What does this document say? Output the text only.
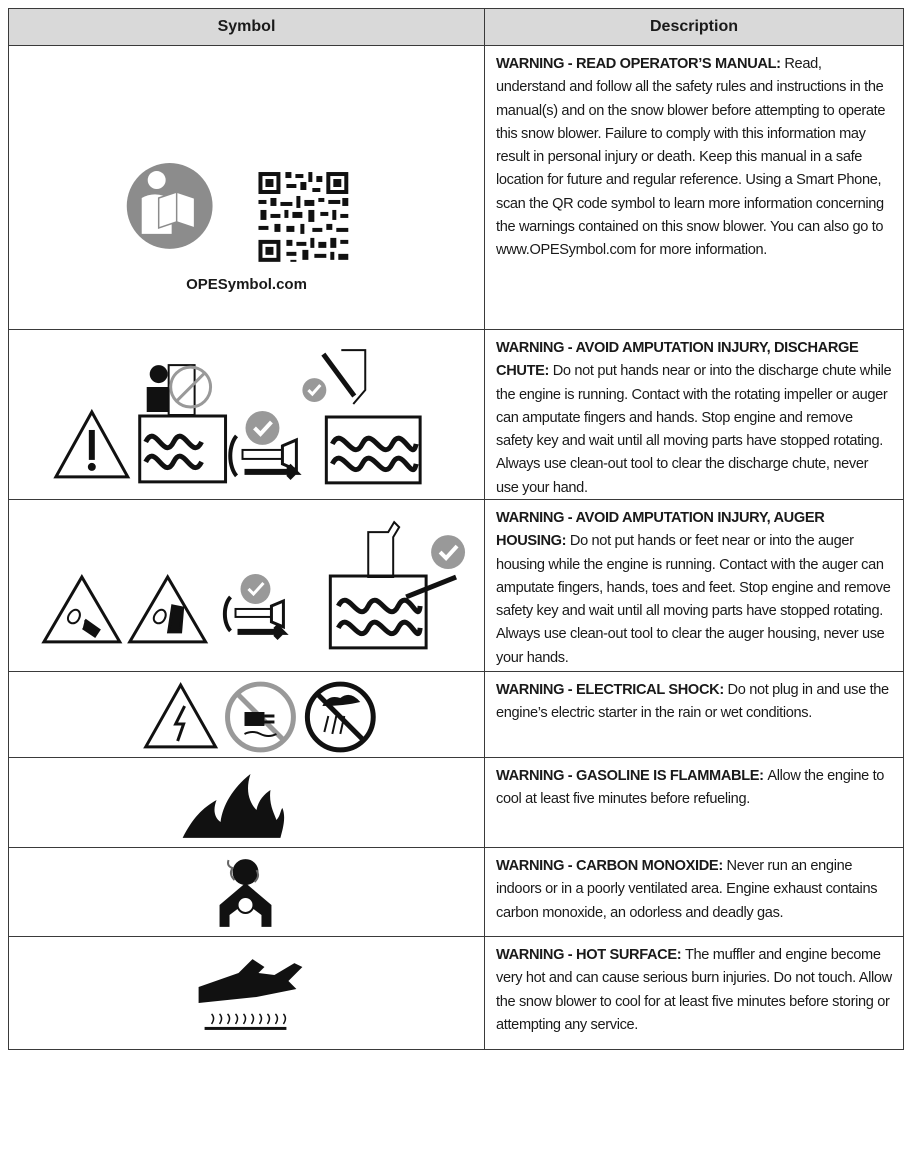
Symbol	Description
OPESymbol.com
WARNING - READ OPERATOR’S MANUAL: Read, understand and follow all the safety rules and instructions in the manual(s) and on the snow blower before attempting to operate this snow blower. Failure to comply with this information may result in personal injury or death. Keep this manual in a safe location for future and regular reference. Using a Smart Phone, scan the QR code symbol to learn more information concerning the warnings contained on this snow blower. You can also go to www.OPESymbol.com for more information.
WARNING - AVOID AMPUTATION INJURY, DISCHARGE CHUTE: Do not put hands near or into the discharge chute while the engine is running. Contact with the rotating impeller or auger can amputate fingers and hands. Stop engine and remove safety key and wait until all moving parts have stopped rotating. Always use clean-out tool to clear the discharge chute, never use your hand.
WARNING - AVOID AMPUTATION INJURY, AUGER HOUSING: Do not put hands or feet near or into the auger housing while the engine is running. Contact with the auger can amputate fingers, hands, toes and feet. Stop engine and remove safety key and wait until all moving parts have stopped rotating. Always use clean-out tool to clear the auger housing, never use your hands.
WARNING - ELECTRICAL SHOCK: Do not plug in and use the engine’s electric starter in the rain or wet conditions.
WARNING - GASOLINE IS FLAMMABLE: Allow the engine to cool at least five minutes before refueling.
WARNING - CARBON MONOXIDE: Never run an engine indoors or in a poorly ventilated area. Engine exhaust contains carbon monoxide, an odorless and deadly gas.
WARNING - HOT SURFACE: The muffler and engine become very hot and can cause serious burn injuries. Do not touch. Allow the snow blower to cool for at least five minutes before storing or attempting any service.
